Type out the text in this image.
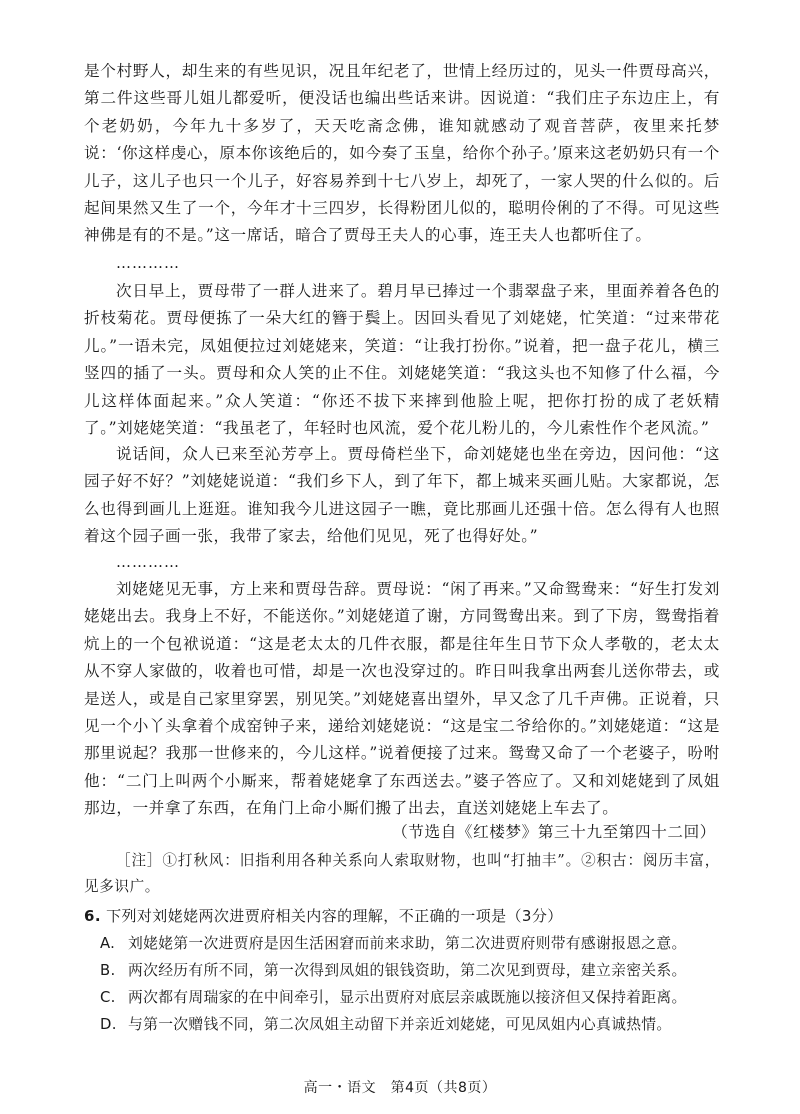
是个村野人，却生来的有些见识，况且年纪老了，世情上经历过的，见头一件贾母高兴，第二件这些哥儿姐儿都爱听，便没话也编出些话来讲。因说道：“我们庄子东边庄上，有个老奶奶，今年九十多岁了，天天吃斋念佛，谁知就感动了观音菩萨，夜里来托梦说：‘你这样虔心，原本你该绝后的，如今奏了玉皇，给你个孙子。’原来这老奶奶只有一个儿子，这儿子也只一个儿子，好容易养到十七八岁上，却死了，一家人哭的什么似的。后起间果然又生了一个，今年才十三四岁，长得粉团儿似的，聪明伶俐的了不得。可见这些神佛是有的不是。”这一席话，暗合了贾母王夫人的心事，连王夫人也都听住了。

…………

次日早上，贾母带了一群人进来了。碧月早已捧过一个翡翠盘子来，里面养着各色的折枝菊花。贾母便拣了一朵大红的簪于鬓上。因回头看见了刘姥姥，忙笑道：“过来带花儿。”一语未完，凤姐便拉过刘姥姥来，笑道：“让我打扮你。”说着，把一盘子花儿，横三竖四的插了一头。贾母和众人笑的止不住。刘姥姥笑道：“我这头也不知修了什么福，今儿这样体面起来。”众人笑道：“你还不拔下来摔到他脸上呢，把你打扮的成了老妖精了。”刘姥姥笑道：“我虽老了，年轻时也风流，爱个花儿粉儿的，今儿索性作个老风流。”

说话间，众人已来至沁芳亭上。贾母倚栏坐下，命刘姥姥也坐在旁边，因问他：“这园子好不好？”刘姥姥说道：“我们乡下人，到了年下，都上城来买画儿贴。大家都说，怎么也得到画儿上逛逛。谁知我今儿进这园子一瞧，竟比那画儿还强十倍。怎么得有人也照着这个园子画一张，我带了家去，给他们见见，死了也得好处。”

…………

刘姥姥见无事，方上来和贾母告辞。贾母说：“闲了再来。”又命鸳鸯来：“好生打发刘姥姥出去。我身上不好，不能送你。”刘姥姥道了谢，方同鸳鸯出来。到了下房，鸳鸯指着炕上的一个包袱说道：“这是老太太的几件衣服，都是往年生日节下众人孝敬的，老太太从不穿人家做的，收着也可惜，却是一次也没穿过的。昨日叫我拿出两套儿送你带去，或是送人，或是自己家里穿罢，别见笑。”刘姥姥喜出望外，早又念了几千声佛。正说着，只见一个小丫头拿着个成窑钟子来，递给刘姥姥说：“这是宝二爷给你的。”刘姥姥道：“这是那里说起？我那一世修来的，今儿这样。”说着便接了过来。鸳鸯又命了一个老婆子，吩咐他：“二门上叫两个小厮来，帮着姥姥拿了东西送去。”婆子答应了。又和刘姥姥到了凤姐那边，一并拿了东西，在角门上命小厮们搬了出去，直送刘姥姥上车去了。

（节选自《红楼梦》第三十九至第四十二回）

［注］①打秋风：旧指利用各种关系向人索取财物，也叫“打抽丰”。②积古：阅历丰富，见多识广。

6. 下列对刘姥姥两次进贾府相关内容的理解，不正确的一项是（3分）

A. 刘姥姥第一次进贾府是因生活困窘而前来求助，第二次进贾府则带有感谢报恩之意。
B. 两次经历有所不同，第一次得到凤姐的银钱资助，第二次见到贾母，建立亲密关系。
C. 两次都有周瑞家的在中间牵引，显示出贾府对底层亲戚既施以接济但又保持着距离。
D. 与第一次赠钱不同，第二次凤姐主动留下并亲近刘姥姥，可见凤姐内心真诚热情。
高一・语文　第4页（共8页）
